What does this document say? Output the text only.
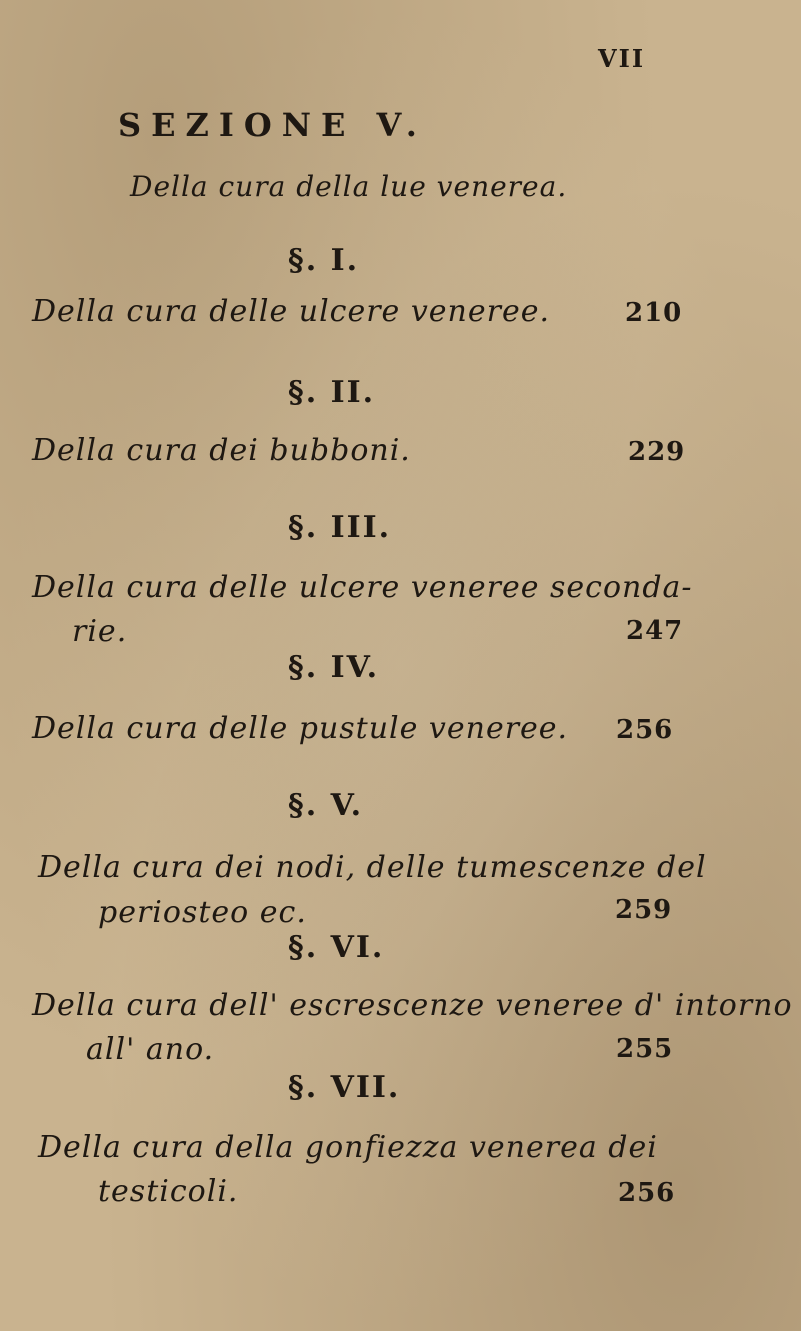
VII
SEZIONE V.
Della cura della lue venerea.
§. I.
Della cura delle ulcere veneree.	210
§. II.
Della cura dei bubboni.	229
§. III.
Della cura delle ulcere veneree seconda-
rie.	247
§. IV.
Della cura delle pustule veneree. 256
§. V.
Della cura dei nodi, delle tumescenze del
periosteo ec.	259
§. VI.
Della cura dell' escrescenze veneree d' intorno
all' ano.	255
§. VII.
Della cura della gonfiezza venerea dei
testicoli.	256
